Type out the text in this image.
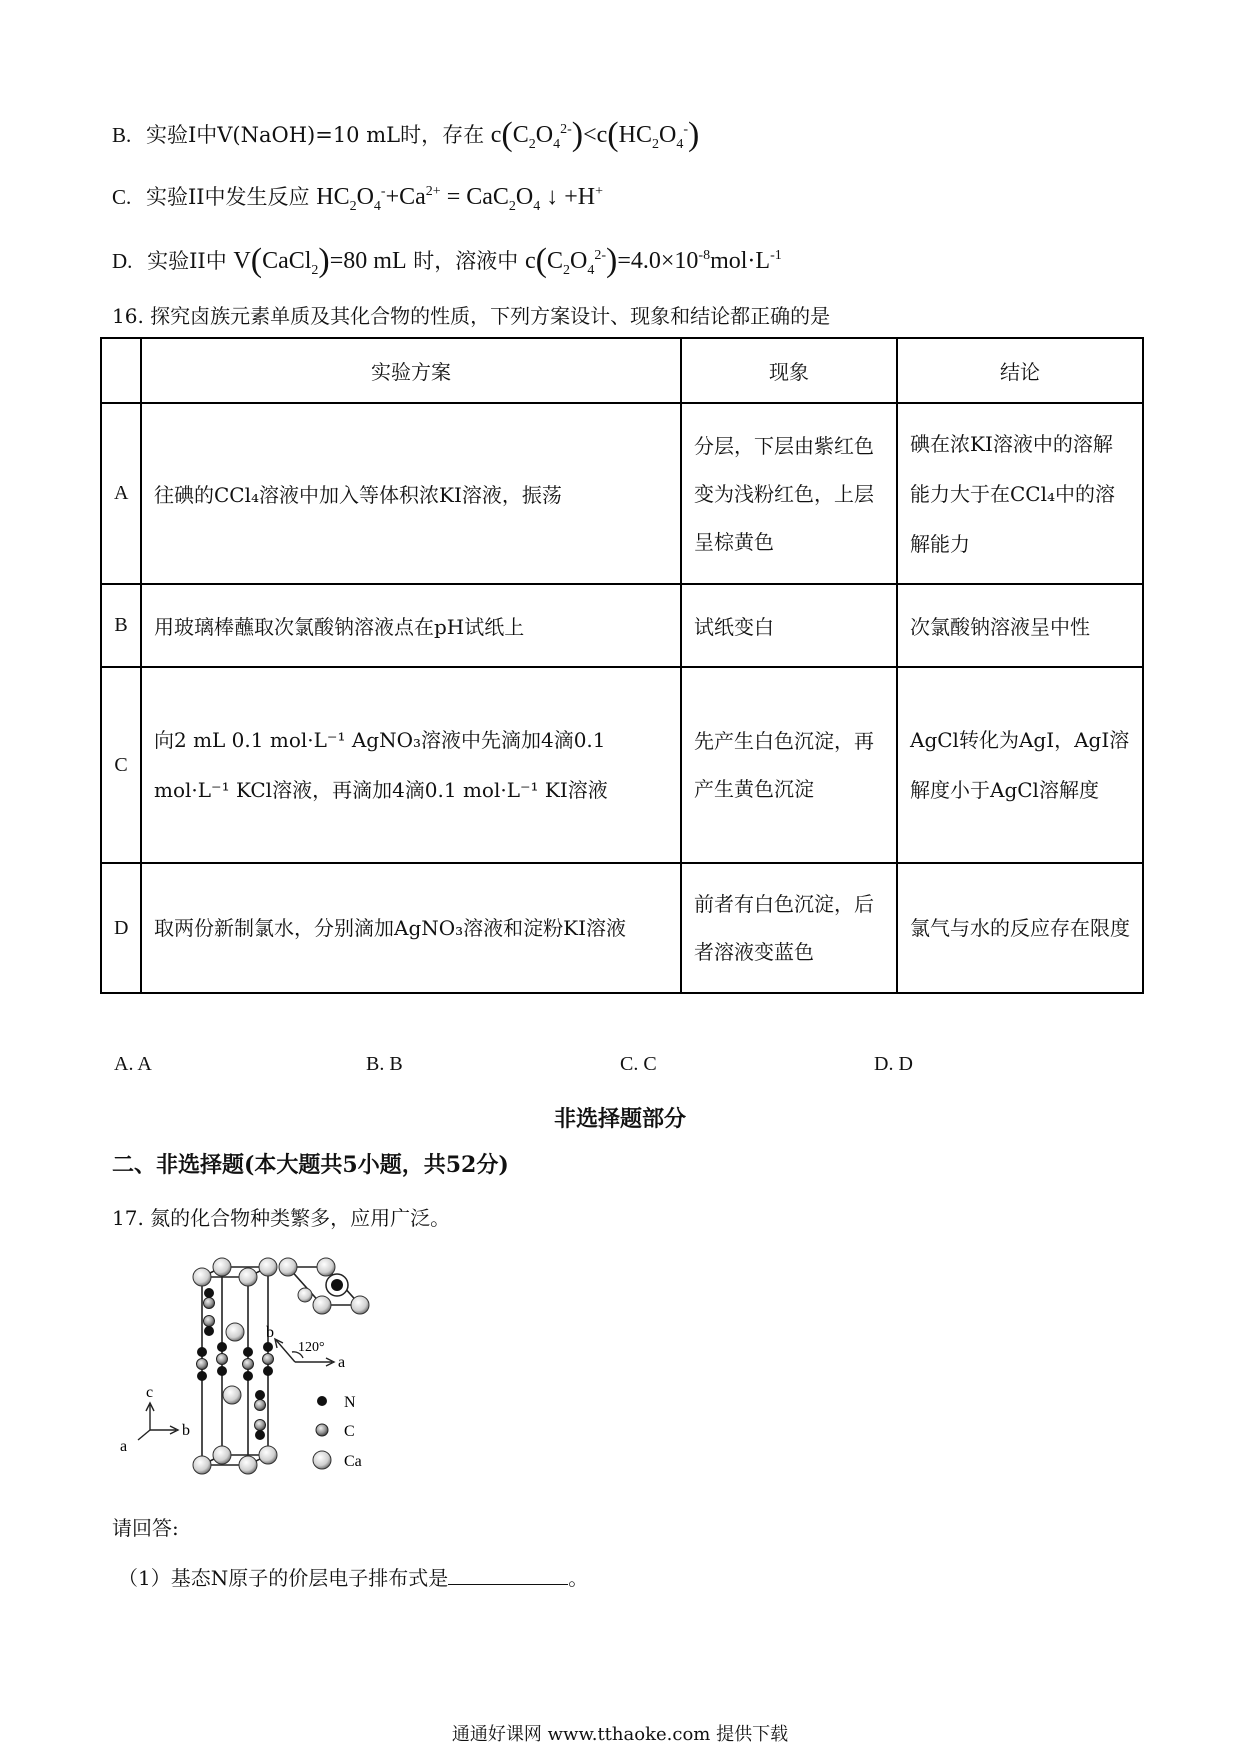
B. 实验I中V(NaOH)=10 mL时，存在 $c(C_2O_4^{2-})<c(HC_2O_4^-)$
C. 实验II中发生反应 $HC_2O_4^-+Ca^{2+} = CaC_2O_4$ ↓ +H+
D. 实验II中 V(CaCl$_2$)=80 mL 时，溶液中 $c(C_2O_4^{2-})=4.0\times 10^{-8}mol\cdot L^{-1}$
16. 探究卤族元素单质及其化合物的性质，下列方案设计、现象和结论都正确的是
	实验方案	现象	结论
A	往碘的CCl₄溶液中加入等体积浓KI溶液，振荡	分层，下层由紫红色变为浅粉红色，上层呈棕黄色	碘在浓KI溶液中的溶解能力大于在CCl₄中的溶解能力
B	用玻璃棒蘸取次氯酸钠溶液点在pH试纸上	试纸变白	次氯酸钠溶液呈中性
C	向2 mL 0.1 mol·L⁻¹ AgNO₃溶液中先滴加4滴0.1 mol·L⁻¹ KCl溶液，再滴加4滴0.1 mol·L⁻¹ KI溶液	先产生白色沉淀，再产生黄色沉淀	AgCl转化为AgI，AgI溶解度小于AgCl溶解度
D	取两份新制氯水，分别滴加AgNO₃溶液和淀粉KI溶液	前者有白色沉淀，后者溶液变蓝色	氯气与水的反应存在限度
A. A	B. B	C. C	D. D
非选择题部分
二、非选择题(本大题共5小题，共52分)
17. 氮的化合物种类繁多，应用广泛。
c
b
a
b
120°
a
N
C
Ca
请回答:
（1）基态N原子的价层电子排布式是	。
通通好课网 www.tthaoke.com 提供下载
